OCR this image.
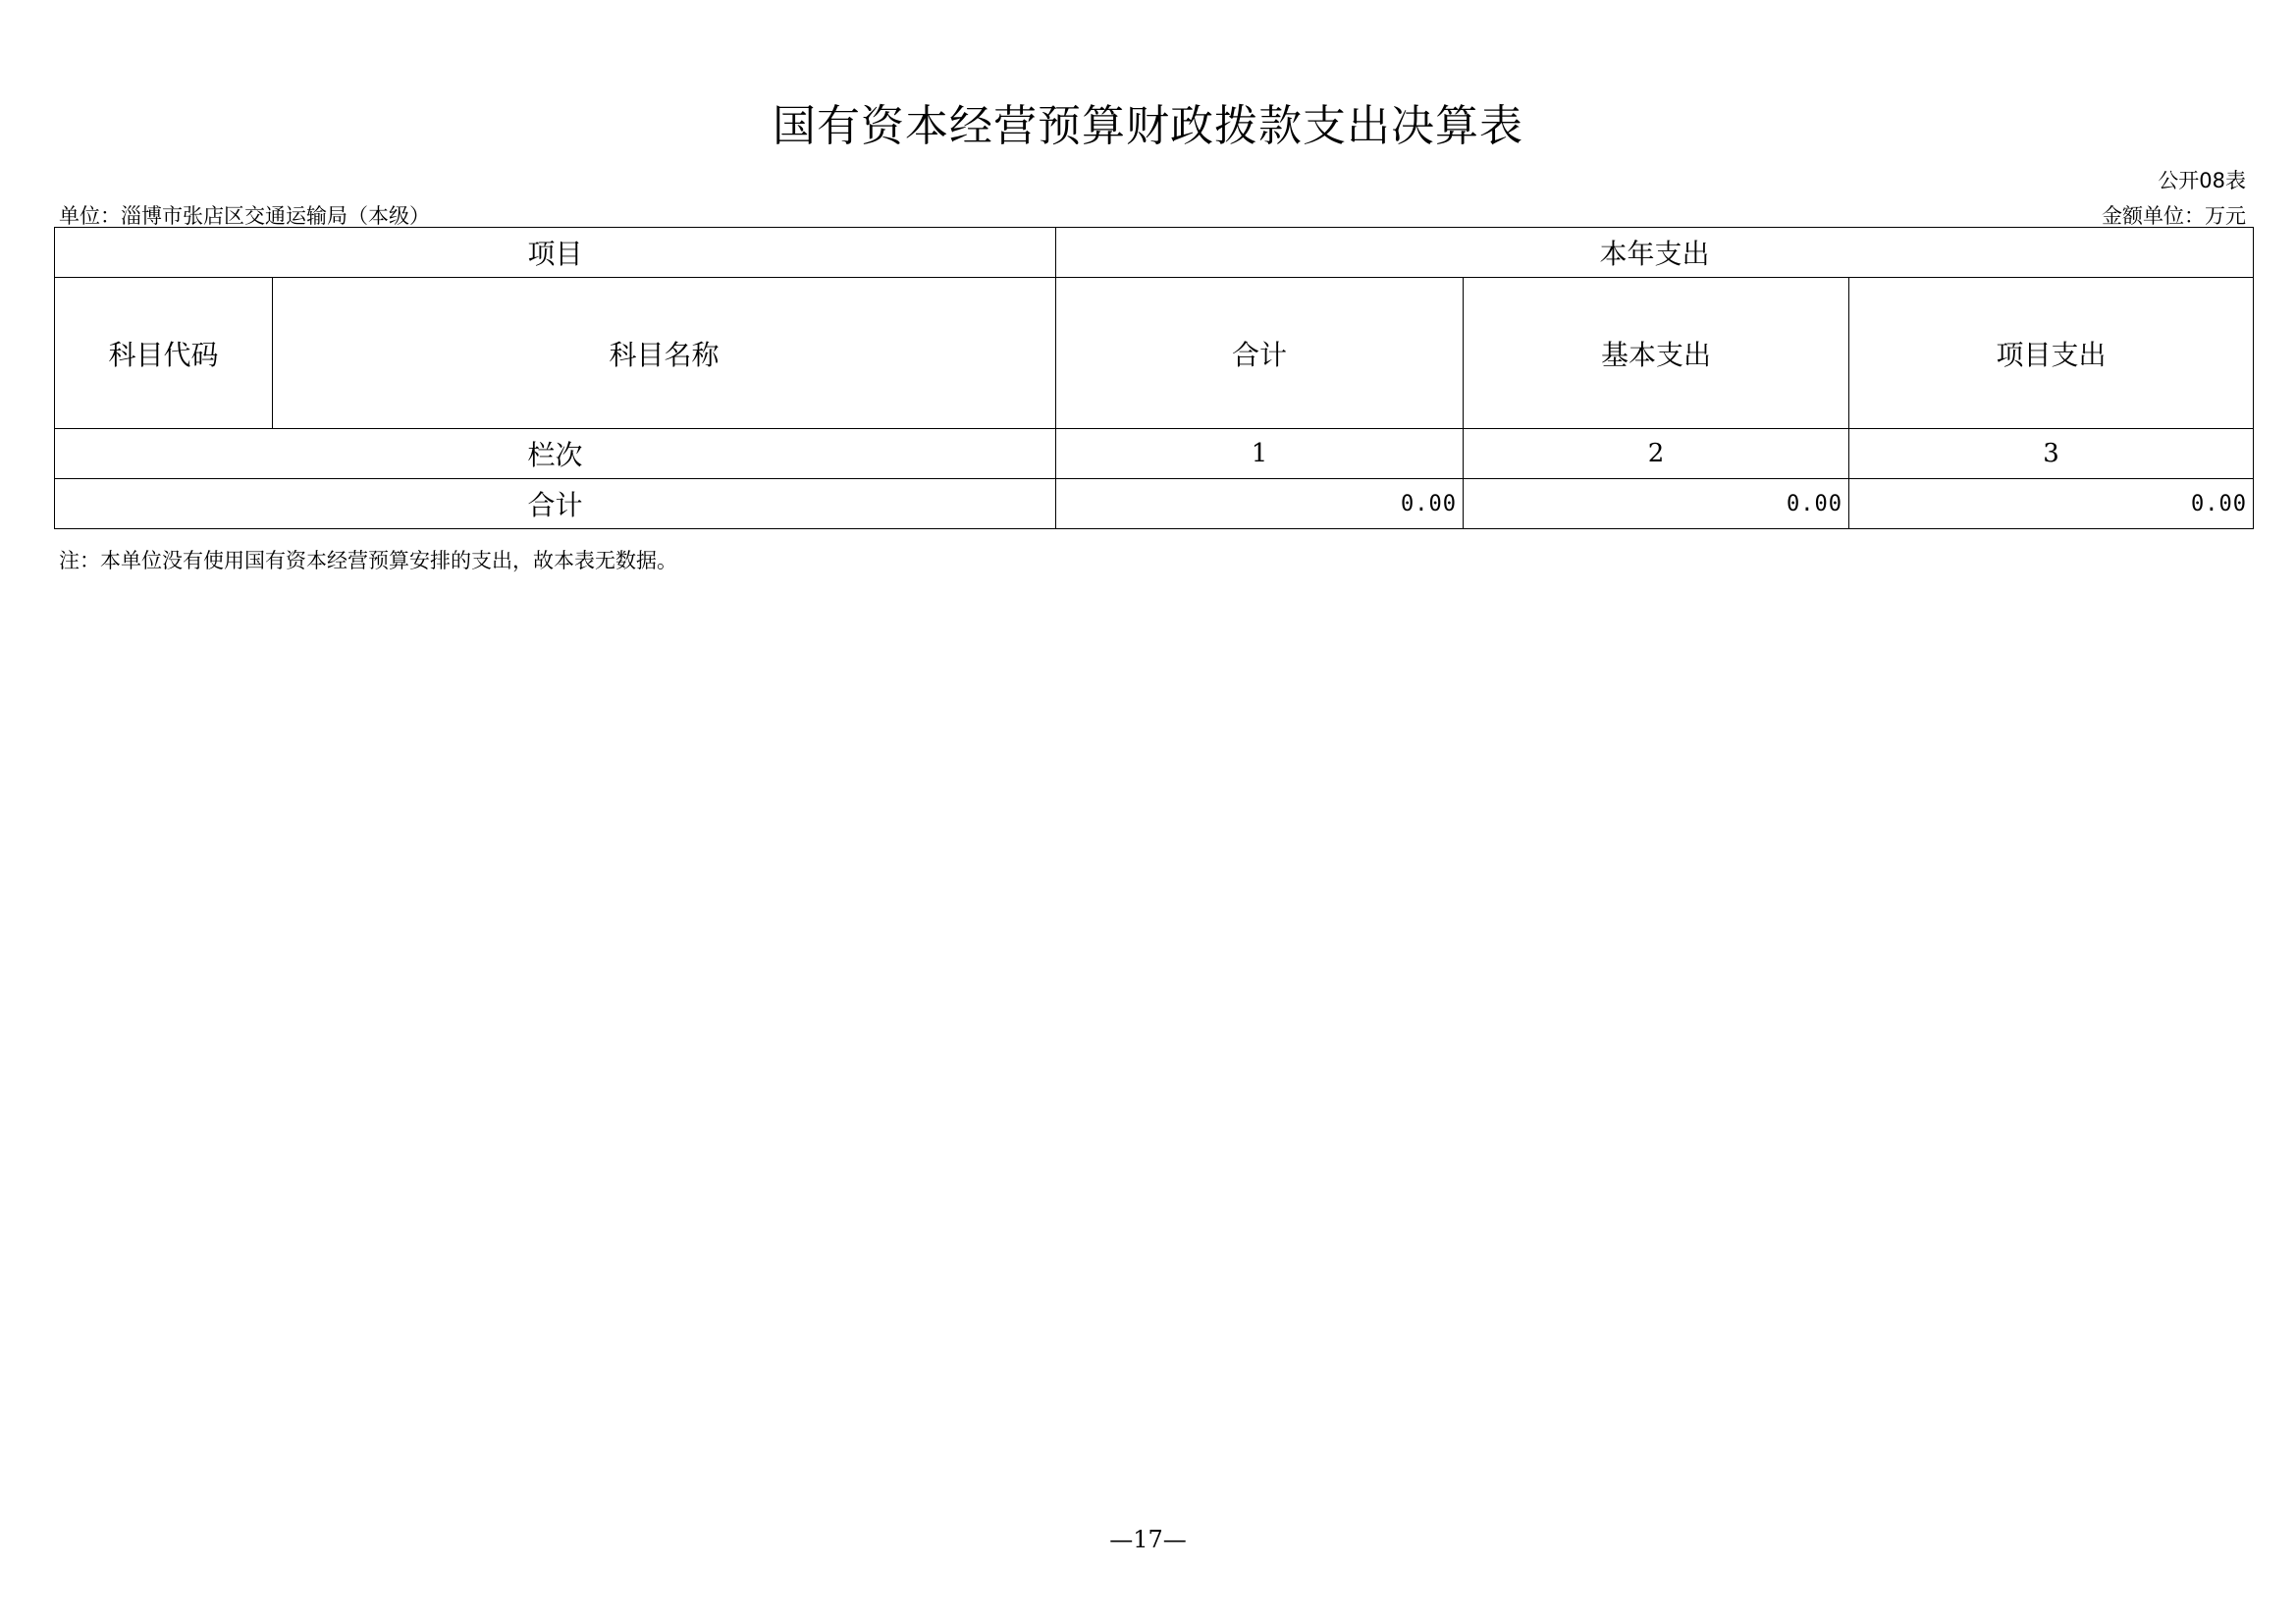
国有资本经营预算财政拨款支出决算表
公开08表
单位：淄博市张店区交通运输局（本级）	金额单位：万元
项目		本年支出		
科目代码	科目名称	合计	基本支出	项目支出
栏次		1	2	3
合计		0.00	0.00	0.00
注：本单位没有使用国有资本经营预算安排的支出，故本表无数据。
—17—
